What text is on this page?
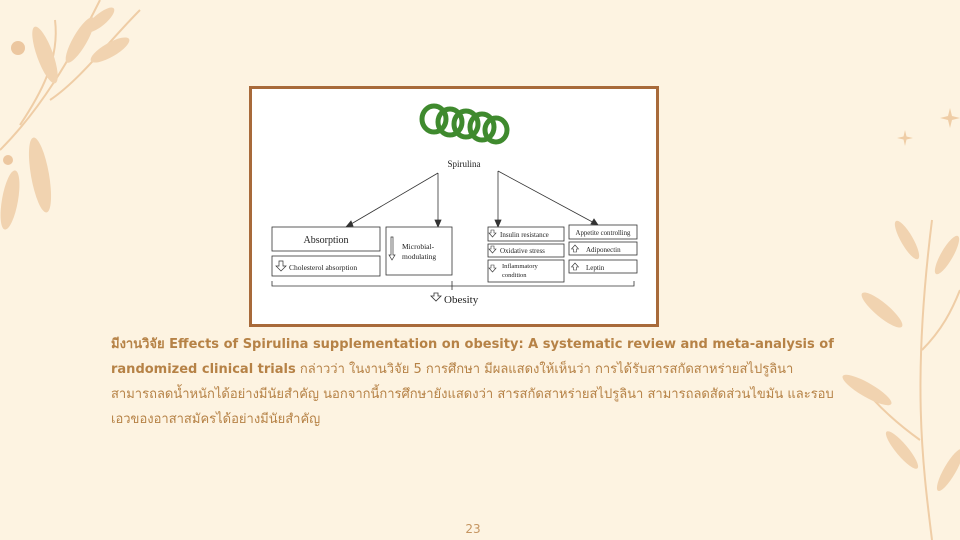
Spirulina
Absorption
Cholesterol absorption
Microbial-
modulating
Insulin resistance
Oxidative stress
Inflammatory
condition
Appetite controlling
Adiponectin
Leptin
Obesity
มีงานวิจัย Effects of Spirulina supplementation on obesity: A systematic review and meta-analysis of randomized clinical trials กล่าวว่า ในงานวิจัย 5 การศึกษา มีผลแสดงให้เห็นว่า การได้รับสารสกัดสาหร่ายสไปรูลินา สามารถลดน้ำหนักได้อย่างมีนัยสำคัญ นอกจากนี้การศึกษายังแสดงว่า สารสกัดสาหร่ายสไปรูลินา สามารถลดสัดส่วนไขมัน และรอบเอวของอาสาสมัครได้อย่างมีนัยสำคัญ
23
